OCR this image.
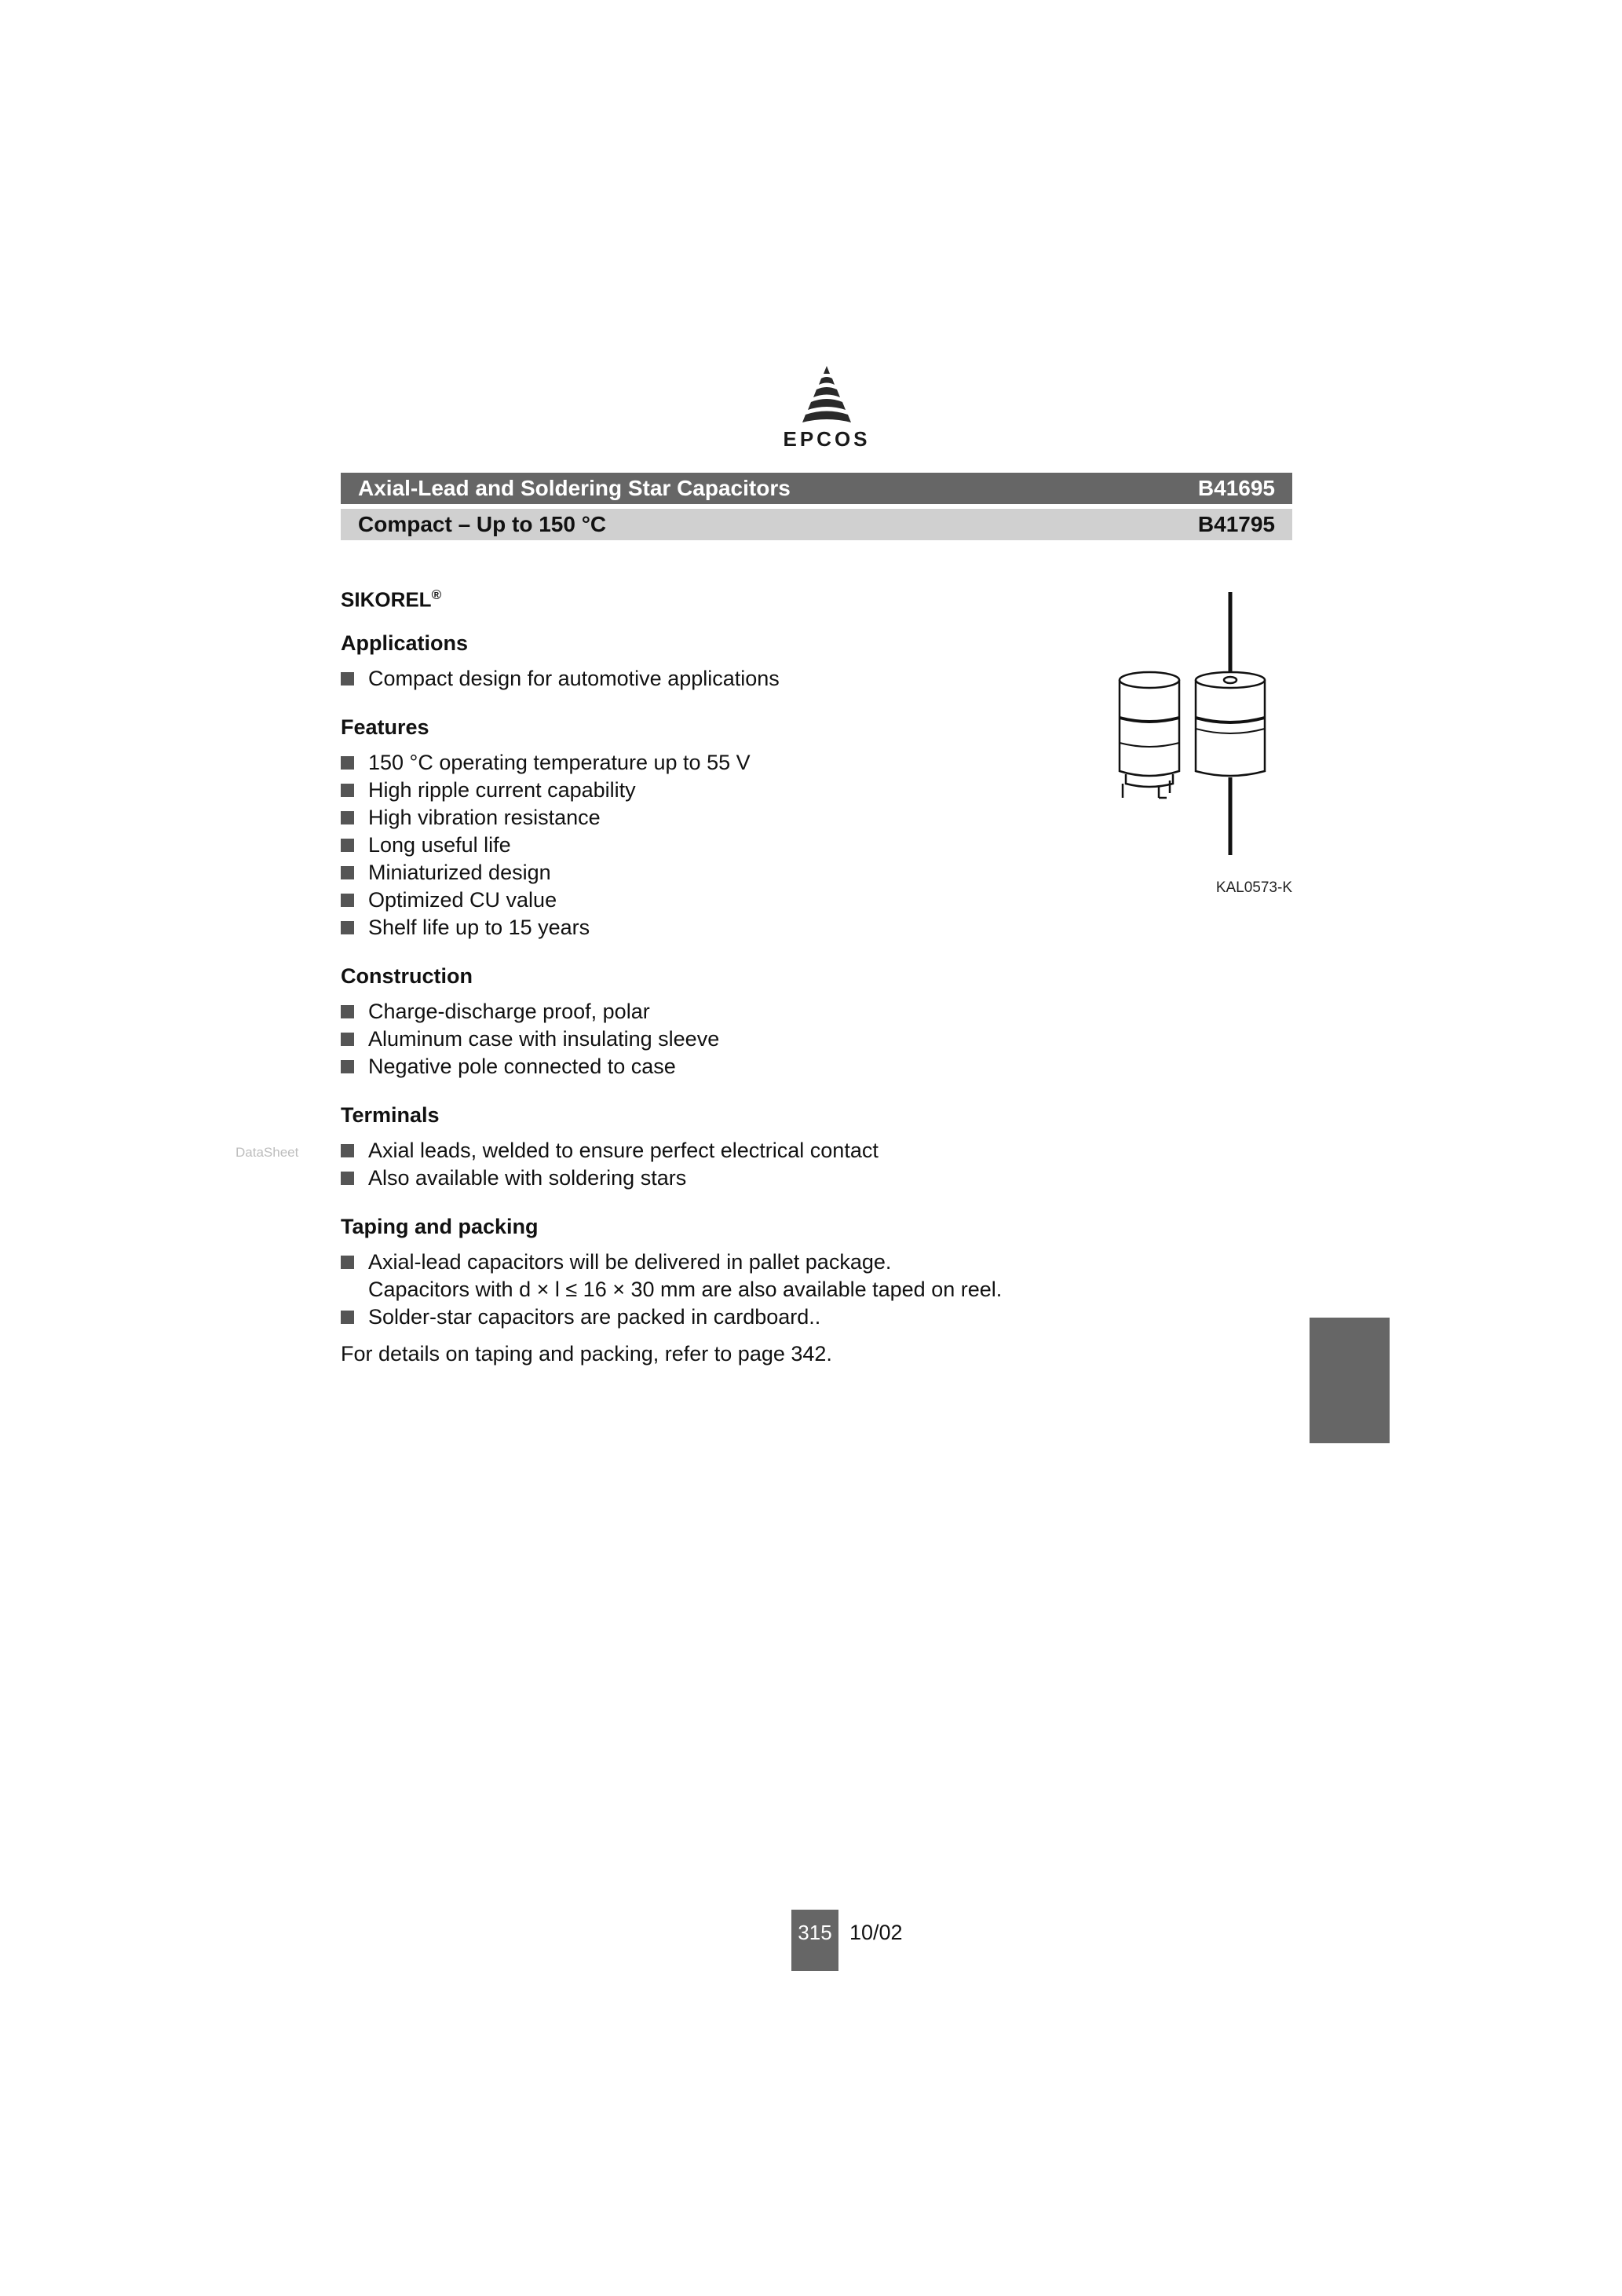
EPCOS
Axial-Lead and Soldering Star Capacitors	B41695
Compact – Up to 150 °C	B41795
SIKOREL®
Applications
Compact design for automotive applications
Features
150 °C operating temperature up to 55 V
High ripple current capability
High vibration resistance
Long useful life
Miniaturized design
Optimized CU value
Shelf life up to 15 years
Construction
Charge-discharge proof, polar
Aluminum case with insulating sleeve
Negative pole connected to case
Terminals
Axial leads, welded to ensure perfect electrical contact
Also available with soldering stars
Taping and packing
Axial-lead capacitors will be delivered in pallet package.
Capacitors with d × l ≤ 16 × 30 mm are also available taped on reel.
Solder-star capacitors are packed in cardboard..
For details on taping and packing, refer to page 342.
KAL0573-K
DataSheet
315 10/02
